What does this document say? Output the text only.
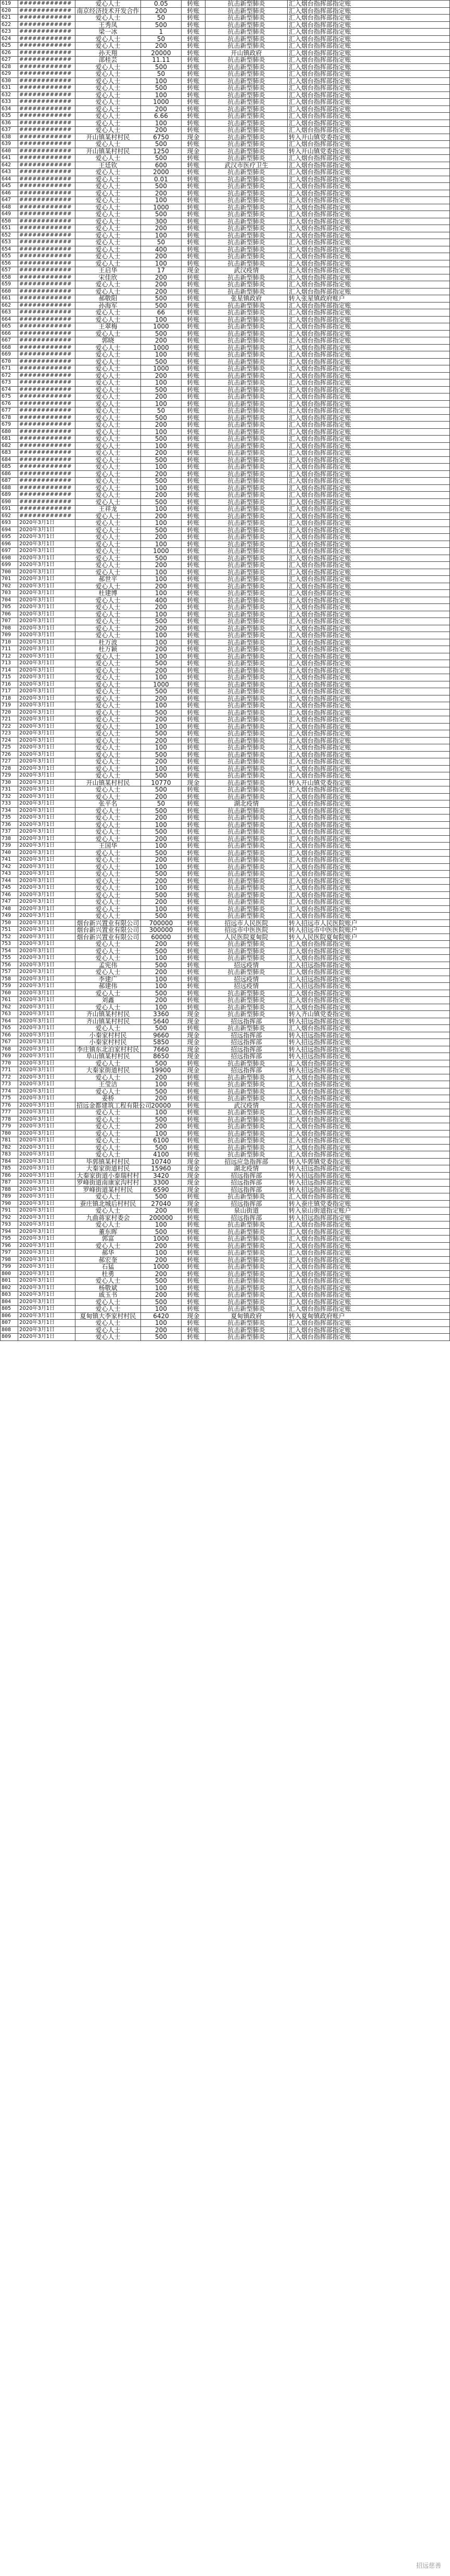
619	############	爱心人士	0.05	转账	抗击新型肺炎	汇入烟台指挥部指定账
620	############	南京经济技术开发合作	200	转账	抗击新型肺炎	汇入烟台指挥部指定账
621	############	爱心人士	50	转账	抗击新型肺炎	汇入烟台指挥部指定账
622	############	王秀凤	500	转账	抗击新型肺炎	汇入烟台指挥部指定账
623	############	梁一冰	1	转账	抗击新型肺炎	汇入烟台指挥部指定账
624	############	爱心人士	50	转账	抗击新型肺炎	汇入烟台指挥部指定账
625	############	爱心人士	200	转账	抗击新型肺炎	汇入烟台指挥部指定账
626	############	孙天翔	20000	转账	开山镇政府	汇入烟台指挥部指定账
627	############	邵桂芸	11.11	转账	抗击新型肺炎	汇入烟台指挥部指定账
628	############	爱心人士	500	转账	抗击新型肺炎	汇入烟台指挥部指定账
629	############	爱心人士	50	转账	抗击新型肺炎	汇入烟台指挥部指定账
630	############	爱心人士	100	转账	抗击新型肺炎	汇入烟台指挥部指定账
631	############	爱心人士	500	转账	抗击新型肺炎	汇入烟台指挥部指定账
632	############	爱心人士	100	转账	抗击新型肺炎	汇入烟台指挥部指定账
633	############	爱心人士	1000	转账	抗击新型肺炎	汇入烟台指挥部指定账
634	############	爱心人士	200	转账	抗击新型肺炎	汇入烟台指挥部指定账
635	############	爱心人士	6.66	转账	抗击新型肺炎	汇入烟台指挥部指定账
636	############	爱心人士	100	转账	抗击新型肺炎	汇入烟台指挥部指定账
637	############	爱心人士	200	转账	抗击新型肺炎	汇入烟台指挥部指定账
638	############	开山镇某村村民	6750	现金	抗击新型肺炎	转入开山镇党委指定账
639	############	爱心人士	500	转账	抗击新型肺炎	汇入烟台指挥部指定账
640	############	开山镇某村村民	1250	现金	抗击新型肺炎	转入开山镇党委指定账
641	############	爱心人士	500	转账	抗击新型肺炎	汇入烟台指挥部指定账
642	############	王廷钦	600	转账	武汉市医疗卫生	汇入烟台指挥部指定账
643	############	爱心人士	2000	转账	抗击新型肺炎	汇入烟台指挥部指定账
644	############	爱心人士	0.01	转账	抗击新型肺炎	汇入烟台指挥部指定账
645	############	爱心人士	500	转账	抗击新型肺炎	汇入烟台指挥部指定账
646	############	爱心人士	200	转账	抗击新型肺炎	汇入烟台指挥部指定账
647	############	爱心人士	100	转账	抗击新型肺炎	汇入烟台指挥部指定账
648	############	爱心人士	1000	转账	抗击新型肺炎	汇入烟台指挥部指定账
649	############	爱心人士	500	转账	抗击新型肺炎	汇入烟台指挥部指定账
650	############	爱心人士	300	转账	抗击新型肺炎	汇入烟台指挥部指定账
651	############	爱心人士	200	转账	抗击新型肺炎	汇入烟台指挥部指定账
652	############	爱心人士	100	转账	抗击新型肺炎	汇入烟台指挥部指定账
653	############	爱心人士	50	转账	抗击新型肺炎	汇入烟台指挥部指定账
654	############	爱心人士	400	转账	抗击新型肺炎	汇入烟台指挥部指定账
655	############	爱心人士	200	转账	抗击新型肺炎	汇入烟台指挥部指定账
656	############	爱心人士	100	转账	抗击新型肺炎	汇入烟台指挥部指定账
657	############	王启华	17	现金	武汉疫情	汇入烟台指挥部指定账
658	############	宋佳欣	200	转账	抗击新型肺炎	汇入烟台指挥部指定账
659	############	爱心人士	200	转账	抗击新型肺炎	汇入烟台指挥部指定账
660	############	爱心人士	200	转账	抗击新型肺炎	汇入烟台指挥部指定账
661	############	郝敬阳	500	转账	张星镇政府	转入张星镇政府账户
662	############	孙海军	500	转账	抗击新型肺炎	汇入烟台指挥部指定账
663	############	爱心人士	66	转账	抗击新型肺炎	汇入烟台指挥部指定账
664	############	爱心人士	100	转账	抗击新型肺炎	汇入烟台指挥部指定账
665	############	王翠梅	1000	转账	抗击新型肺炎	汇入烟台指挥部指定账
666	############	爱心人士	500	转账	抗击新型肺炎	汇入烟台指挥部指定账
667	############	郭晓	200	转账	抗击新型肺炎	汇入烟台指挥部指定账
668	############	爱心人士	1000	转账	抗击新型肺炎	汇入烟台指挥部指定账
669	############	爱心人士	100	转账	抗击新型肺炎	汇入烟台指挥部指定账
670	############	爱心人士	500	转账	抗击新型肺炎	汇入烟台指挥部指定账
671	############	爱心人士	1000	转账	抗击新型肺炎	汇入烟台指挥部指定账
672	############	爱心人士	200	转账	抗击新型肺炎	汇入烟台指挥部指定账
673	############	爱心人士	100	转账	抗击新型肺炎	汇入烟台指挥部指定账
674	############	爱心人士	500	转账	抗击新型肺炎	汇入烟台指挥部指定账
675	############	爱心人士	200	转账	抗击新型肺炎	汇入烟台指挥部指定账
676	############	爱心人士	100	转账	抗击新型肺炎	汇入烟台指挥部指定账
677	############	爱心人士	50	转账	抗击新型肺炎	汇入烟台指挥部指定账
678	############	爱心人士	500	转账	抗击新型肺炎	汇入烟台指挥部指定账
679	############	爱心人士	200	转账	抗击新型肺炎	汇入烟台指挥部指定账
680	############	爱心人士	100	转账	抗击新型肺炎	汇入烟台指挥部指定账
681	############	爱心人士	500	转账	抗击新型肺炎	汇入烟台指挥部指定账
682	############	爱心人士	100	转账	抗击新型肺炎	汇入烟台指挥部指定账
683	############	爱心人士	200	转账	抗击新型肺炎	汇入烟台指挥部指定账
684	############	爱心人士	500	转账	抗击新型肺炎	汇入烟台指挥部指定账
685	############	爱心人士	100	转账	抗击新型肺炎	汇入烟台指挥部指定账
686	############	爱心人士	200	转账	抗击新型肺炎	汇入烟台指挥部指定账
687	############	爱心人士	500	转账	抗击新型肺炎	汇入烟台指挥部指定账
688	############	爱心人士	100	转账	抗击新型肺炎	汇入烟台指挥部指定账
689	############	爱心人士	200	转账	抗击新型肺炎	汇入烟台指挥部指定账
690	############	爱心人士	500	转账	抗击新型肺炎	汇入烟台指挥部指定账
691	############	王祥龙	100	转账	抗击新型肺炎	汇入烟台指挥部指定账
692	############	爱心人士	200	转账	抗击新型肺炎	汇入烟台指挥部指定账
693	2020年3月1日	爱心人士	100	转账	抗击新型肺炎	汇入烟台指挥部指定账
694	2020年3月1日	爱心人士	500	转账	抗击新型肺炎	汇入烟台指挥部指定账
695	2020年3月1日	爱心人士	200	转账	抗击新型肺炎	汇入烟台指挥部指定账
696	2020年3月1日	爱心人士	100	转账	抗击新型肺炎	汇入烟台指挥部指定账
697	2020年3月1日	爱心人士	1000	转账	抗击新型肺炎	汇入烟台指挥部指定账
698	2020年3月1日	爱心人士	500	转账	抗击新型肺炎	汇入烟台指挥部指定账
699	2020年3月1日	爱心人士	200	转账	抗击新型肺炎	汇入烟台指挥部指定账
700	2020年3月1日	爱心人士	100	转账	抗击新型肺炎	汇入烟台指挥部指定账
701	2020年3月1日	郝世平	100	转账	抗击新型肺炎	汇入烟台指挥部指定账
702	2020年3月1日	爱心人士	200	转账	抗击新型肺炎	汇入烟台指挥部指定账
703	2020年3月1日	杜建博	100	转账	抗击新型肺炎	汇入烟台指挥部指定账
704	2020年3月1日	爱心人士	400	转账	抗击新型肺炎	汇入烟台指挥部指定账
705	2020年3月1日	爱心人士	200	转账	抗击新型肺炎	汇入烟台指挥部指定账
706	2020年3月1日	爱心人士	100	转账	抗击新型肺炎	汇入烟台指挥部指定账
707	2020年3月1日	爱心人士	500	转账	抗击新型肺炎	汇入烟台指挥部指定账
708	2020年3月1日	爱心人士	200	转账	抗击新型肺炎	汇入烟台指挥部指定账
709	2020年3月1日	爱心人士	100	转账	抗击新型肺炎	汇入烟台指挥部指定账
710	2020年3月1日	杜万波	100	转账	抗击新型肺炎	汇入烟台指挥部指定账
711	2020年3月1日	杜万颖	200	转账	抗击新型肺炎	汇入烟台指挥部指定账
712	2020年3月1日	爱心人士	100	转账	抗击新型肺炎	汇入烟台指挥部指定账
713	2020年3月1日	爱心人士	500	转账	抗击新型肺炎	汇入烟台指挥部指定账
714	2020年3月1日	爱心人士	200	转账	抗击新型肺炎	汇入烟台指挥部指定账
715	2020年3月1日	爱心人士	100	转账	抗击新型肺炎	汇入烟台指挥部指定账
716	2020年3月1日	爱心人士	1000	转账	抗击新型肺炎	汇入烟台指挥部指定账
717	2020年3月1日	爱心人士	500	转账	抗击新型肺炎	汇入烟台指挥部指定账
718	2020年3月1日	爱心人士	200	转账	抗击新型肺炎	汇入烟台指挥部指定账
719	2020年3月1日	爱心人士	100	转账	抗击新型肺炎	汇入烟台指挥部指定账
720	2020年3月1日	爱心人士	500	转账	抗击新型肺炎	汇入烟台指挥部指定账
721	2020年3月1日	爱心人士	200	转账	抗击新型肺炎	汇入烟台指挥部指定账
722	2020年3月1日	爱心人士	100	转账	抗击新型肺炎	汇入烟台指挥部指定账
723	2020年3月1日	爱心人士	500	转账	抗击新型肺炎	汇入烟台指挥部指定账
724	2020年3月1日	爱心人士	200	转账	抗击新型肺炎	汇入烟台指挥部指定账
725	2020年3月1日	爱心人士	100	转账	抗击新型肺炎	汇入烟台指挥部指定账
726	2020年3月1日	爱心人士	500	转账	抗击新型肺炎	汇入烟台指挥部指定账
727	2020年3月1日	爱心人士	200	转账	抗击新型肺炎	汇入烟台指挥部指定账
728	2020年3月1日	爱心人士	100	转账	抗击新型肺炎	汇入烟台指挥部指定账
729	2020年3月1日	爱心人士	500	转账	抗击新型肺炎	汇入烟台指挥部指定账
730	2020年3月1日	开山镇某村村民	10770	现金	抗击新型肺炎	转入开山镇党委指定账
731	2020年3月1日	爱心人士	500	转账	抗击新型肺炎	汇入烟台指挥部指定账
732	2020年3月1日	爱心人士	200	转账	抗击新型肺炎	汇入烟台指挥部指定账
733	2020年3月1日	张平名	50	转账	湖北疫情	汇入烟台指挥部指定账
734	2020年3月1日	爱心人士	500	转账	抗击新型肺炎	汇入烟台指挥部指定账
735	2020年3月1日	爱心人士	200	转账	抗击新型肺炎	汇入烟台指挥部指定账
736	2020年3月1日	爱心人士	100	转账	抗击新型肺炎	汇入烟台指挥部指定账
737	2020年3月1日	爱心人士	500	转账	抗击新型肺炎	汇入烟台指挥部指定账
738	2020年3月1日	爱心人士	200	转账	抗击新型肺炎	汇入烟台指挥部指定账
739	2020年3月1日	王国华	100	转账	抗击新型肺炎	汇入烟台指挥部指定账
740	2020年3月1日	爱心人士	500	转账	抗击新型肺炎	汇入烟台指挥部指定账
741	2020年3月1日	爱心人士	200	转账	抗击新型肺炎	汇入烟台指挥部指定账
742	2020年3月1日	爱心人士	100	转账	抗击新型肺炎	汇入烟台指挥部指定账
743	2020年3月1日	爱心人士	500	转账	抗击新型肺炎	汇入烟台指挥部指定账
744	2020年3月1日	爱心人士	200	转账	抗击新型肺炎	汇入烟台指挥部指定账
745	2020年3月1日	爱心人士	100	转账	抗击新型肺炎	汇入烟台指挥部指定账
746	2020年3月1日	爱心人士	500	转账	抗击新型肺炎	汇入烟台指挥部指定账
747	2020年3月1日	爱心人士	200	转账	抗击新型肺炎	汇入烟台指挥部指定账
748	2020年3月1日	爱心人士	100	转账	抗击新型肺炎	汇入烟台指挥部指定账
749	2020年3月1日	爱心人士	500	转账	抗击新型肺炎	汇入烟台指挥部指定账
750	2020年3月1日	烟台新兴置业有限公司	700000	转账	招远市人民医院	转入招远市人民医院账户
751	2020年3月1日	烟台新兴置业有限公司	300000	转账	招远市中医医院	转入招远市中医医院账户
752	2020年3月1日	烟台新兴置业有限公司	60000	转账	人民医院夏甸院	转入人民医院夏甸院账户
753	2020年3月1日	爱心人士	200	转账	抗击新型肺炎	汇入烟台指挥部指定账
754	2020年3月1日	爱心人士	500	转账	抗击新型肺炎	汇入烟台指挥部指定账
755	2020年3月1日	爱心人士	100	转账	抗击新型肺炎	汇入烟台指挥部指定账
756	2020年3月1日	孟宪伟	500	转账	招远疫情	汇入招远指挥部指定账
757	2020年3月1日	爱心人士	200	转账	抗击新型肺炎	汇入烟台指挥部指定账
758	2020年3月1日	李建广	100	转账	招远疫情	汇入招远指挥部指定账
759	2020年3月1日	郝建伟	100	转账	招远疫情	汇入招远指挥部指定账
760	2020年3月1日	爱心人士	500	转账	抗击新型肺炎	汇入烟台指挥部指定账
761	2020年3月1日	刘鑫	200	转账	抗击新型肺炎	汇入烟台指挥部指定账
762	2020年3月1日	爱心人士	100	转账	抗击新型肺炎	汇入烟台指挥部指定账
763	2020年3月1日	齐山镇某村村民	3360	现金	抗击新型肺炎	转入齐山镇党委指定账
764	2020年3月1日	齐山镇某村村民	5640	现金	招远指挥部	转入招远指挥部指定账
765	2020年3月1日	爱心人士	500	转账	抗击新型肺炎	汇入烟台指挥部指定账
766	2020年3月1日	小秦家村村民	9660	现金	招远指挥部	转入招远指挥部指定账
767	2020年3月1日	小秦家村村民	5850	现金	招远指挥部	转入招远指挥部指定账
768	2020年3月1日	李庄镇东北泊家村村民	7660	现金	招远指挥部	转入招远指挥部指定账
769	2020年3月1日	阜山镇某村村民	8650	现金	招远指挥部	转入招远指挥部指定账
770	2020年3月1日	爱心人士	500	转账	抗击新型肺炎	汇入烟台指挥部指定账
771	2020年3月1日	大秦家街道村民	19900	现金	招远指挥部	转入招远指挥部指定账
772	2020年3月1日	爱心人士	200	转账	抗击新型肺炎	汇入烟台指挥部指定账
773	2020年3月1日	王莹洁	100	转账	抗击新型肺炎	汇入烟台指挥部指定账
774	2020年3月1日	爱心人士	500	转账	抗击新型肺炎	汇入烟台指挥部指定账
775	2020年3月1日	姜桥	200	转账	抗击新型肺炎	汇入烟台指挥部指定账
776	2020年3月1日	招远金都建筑工程有限公司	20000	转账	武汉疫情	汇入烟台指挥部指定账
777	2020年3月1日	爱心人士	100	转账	抗击新型肺炎	汇入烟台指挥部指定账
778	2020年3月1日	爱心人士	500	转账	抗击新型肺炎	汇入烟台指挥部指定账
779	2020年3月1日	爱心人士	200	转账	抗击新型肺炎	汇入烟台指挥部指定账
780	2020年3月1日	爱心人士	100	转账	抗击新型肺炎	汇入烟台指挥部指定账
781	2020年3月1日	爱心人士	6100	转账	抗击新型肺炎	汇入烟台指挥部指定账
782	2020年3月1日	爱心人士	500	转账	抗击新型肺炎	汇入烟台指挥部指定账
783	2020年3月1日	爱心人士	4100	转账	抗击新型肺炎	汇入烟台指挥部指定账
784	2020年3月1日	毕郭镇某村村民	10740	现金	招远应急指挥部	转入毕郭镇党委指定账
785	2020年3月1日	大秦家街道村民	15960	现金	湖北疫情	转入招远指挥部指定账
786	2020年3月1日	大秦家街道小泰瑞村村	3420	现金	招远指挥部	转入招远指挥部指定账
787	2020年3月1日	罗峰街道南康家沟村村	3300	现金	招远指挥部	转入招远指挥部指定账
788	2020年3月1日	罗峰街道某村村民	6590	现金	招远指挥部	转入招远指挥部指定账
789	2020年3月1日	爱心人士	500	转账	抗击新型肺炎	汇入烟台指挥部指定账
790	2020年3月1日	蚕庄镇北城后村村民	27040	现金	招远指挥部	转入蚕庄镇党委指定账
791	2020年3月1日	爱心人士	200	转账	泉山街道	转入泉山街道指定账户
792	2020年3月1日	九曲蒋家村委会	200000	转账	招远指挥部	转入招远指挥部指定账
793	2020年3月1日	爱心人士	100	转账	抗击新型肺炎	汇入烟台指挥部指定账
794	2020年3月1日	董东晖	500	转账	抗击新型肺炎	汇入烟台指挥部指定账
795	2020年3月1日	郭富	1000	转账	抗击新型肺炎	汇入烟台指挥部指定账
796	2020年3月1日	爱心人士	200	转账	抗击新型肺炎	汇入烟台指挥部指定账
797	2020年3月1日	郝华	100	转账	抗击新型肺炎	汇入烟台指挥部指定账
798	2020年3月1日	郝宏奎	200	转账	抗击新型肺炎	汇入烟台指挥部指定账
799	2020年3月1日	石猛	1000	转账	抗击新型肺炎	汇入烟台指挥部指定账
800	2020年3月1日	杜勇	200	转账	抗击新型肺炎	汇入烟台指挥部指定账
801	2020年3月1日	爱心人士	500	转账	抗击新型肺炎	汇入烟台指挥部指定账
802	2020年3月1日	杨敬斌	100	转账	抗击新型肺炎	汇入烟台指挥部指定账
803	2020年3月1日	戚玉书	200	转账	抗击新型肺炎	汇入烟台指挥部指定账
804	2020年3月1日	爱心人士	500	转账	抗击新型肺炎	汇入烟台指挥部指定账
805	2020年3月1日	爱心人士	100	转账	抗击新型肺炎	汇入烟台指挥部指定账
806	2020年3月1日	夏甸镇大李家村村民	6420	现金	夏甸镇政府	转入夏甸镇政府账户
807	2020年3月1日	爱心人士	100	转账	抗击新型肺炎	汇入烟台指挥部指定账
808	2020年3月1日	爱心人士	200	转账	抗击新型肺炎	汇入烟台指挥部指定账
809	2020年3月1日	爱心人士	500	转账	抗击新型肺炎	汇入烟台指挥部指定账
招远慈善
